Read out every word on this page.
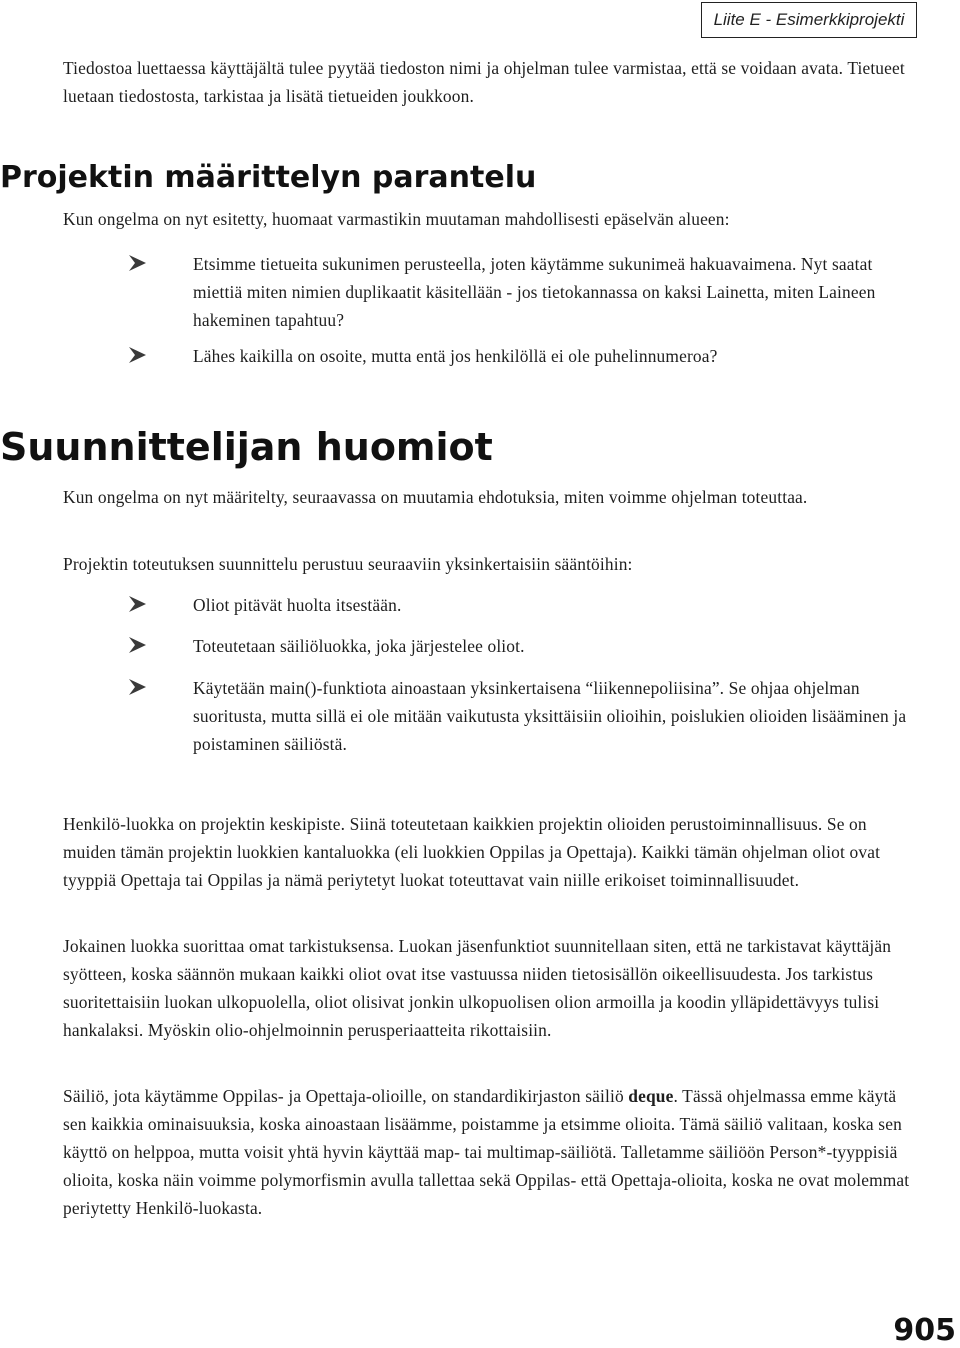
Liite E - Esimerkkiprojekti

Tiedostoa luettaessa käyttäjältä tulee pyytää tiedoston nimi ja ohjelman tulee varmistaa, että se voidaan avata. Tietueet luetaan tiedostosta, tarkistaa ja lisätä tietueiden joukkoon.

Projektin määrittelyn parantelu

Kun ongelma on nyt esitetty, huomaat varmastikin muutaman mahdollisesti epäselvän alueen:

Etsimme tietueita sukunimen perusteella, joten käytämme sukunimeä hakuavaimena. Nyt saatat miettiä miten nimien duplikaatit käsitellään - jos tietokannassa on kaksi Lainetta, miten Laineen hakeminen tapahtuu?

Lähes kaikilla on osoite, mutta entä jos henkilöllä ei ole puhelinnumeroa?

Suunnittelijan huomiot

Kun ongelma on nyt määritelty, seuraavassa on muutamia ehdotuksia, miten voimme ohjelman toteuttaa.

Projektin toteutuksen suunnittelu perustuu seuraaviin yksinkertaisiin sääntöihin:

Oliot pitävät huolta itsestään.

Toteutetaan säiliöluokka, joka järjestelee oliot.

Käytetään main()-funktiota ainoastaan yksinkertaisena “liikennepoliisina”. Se ohjaa ohjelman suoritusta, mutta sillä ei ole mitään vaikutusta yksittäisiin olioihin, poislukien olioiden lisääminen ja poistaminen säiliöstä.

Henkilö-luokka on projektin keskipiste. Siinä toteutetaan kaikkien projektin olioiden perustoiminnallisuus. Se on muiden tämän projektin luokkien kantaluokka (eli luokkien Oppilas ja Opettaja). Kaikki tämän ohjelman oliot ovat tyyppiä Opettaja tai Oppilas ja nämä periytetyt luokat toteuttavat vain niille erikoiset toiminnallisuudet.

Jokainen luokka suorittaa omat tarkistuksensa. Luokan jäsenfunktiot suunnitellaan siten, että ne tarkistavat käyttäjän syötteen, koska säännön mukaan kaikki oliot ovat itse vastuussa niiden tietosisällön oikeellisuudesta. Jos tarkistus suoritettaisiin luokan ulkopuolella, oliot olisivat jonkin ulkopuolisen olion armoilla ja koodin ylläpidettävyys tulisi hankalaksi. Myöskin olio-ohjelmoinnin perusperiaatteita rikottaisiin.

Säiliö, jota käytämme Oppilas- ja Opettaja-olioille, on standardikirjaston säiliö deque. Tässä ohjelmassa emme käytä sen kaikkia ominaisuuksia, koska ainoastaan lisäämme, poistamme ja etsimme olioita. Tämä säiliö valitaan, koska sen käyttö on helppoa, mutta voisit yhtä hyvin käyttää map- tai multimap-säiliötä. Talletamme säiliöön Person*-tyyppisiä olioita, koska näin voimme polymorfismin avulla tallettaa sekä Oppilas- että Opettaja-olioita, koska ne ovat molemmat periytetty Henkilö-luokasta.

905
